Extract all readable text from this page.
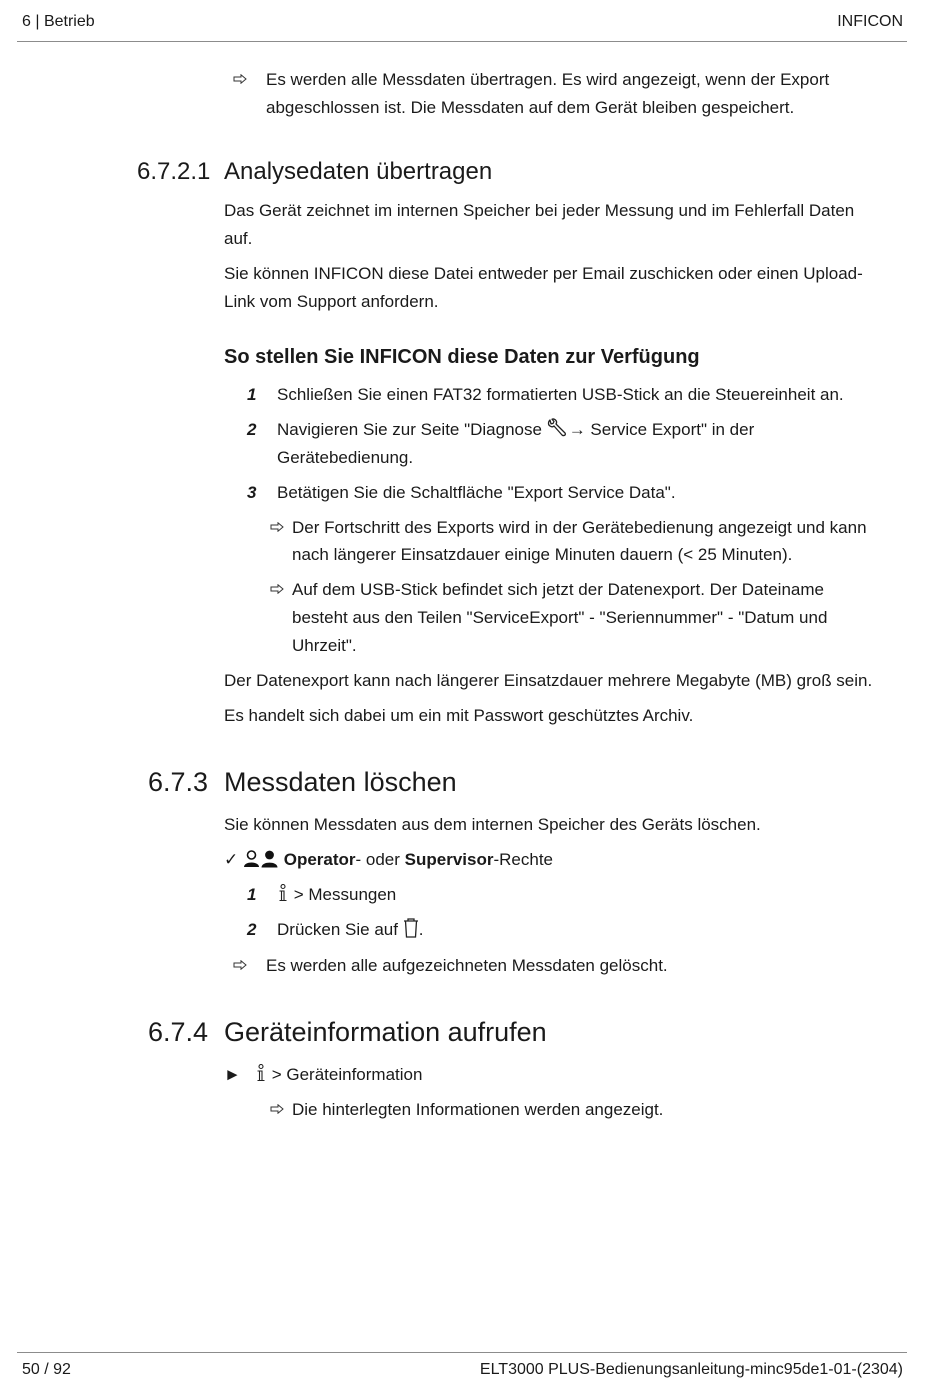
6 | Betrieb	INFICON
Es werden alle Messdaten übertragen. Es wird angezeigt, wenn der Export
abgeschlossen ist. Die Messdaten auf dem Gerät bleiben gespeichert.
6.7.2.1 Analysedaten übertragen
Das Gerät zeichnet im internen Speicher bei jeder Messung und im Fehlerfall Daten
auf.
Sie können INFICON diese Datei entweder per Email zuschicken oder einen Upload-
Link vom Support anfordern.
So stellen Sie INFICON diese Daten zur Verfügung
1 Schließen Sie einen FAT32 formatierten USB-Stick an die Steuereinheit an.
2 Navigieren Sie zur Seite "Diagnose → Service Export" in der
Gerätebedienung.
3 Betätigen Sie die Schaltfläche "Export Service Data".
Der Fortschritt des Exports wird in der Gerätebedienung angezeigt und kann
nach längerer Einsatzdauer einige Minuten dauern (< 25 Minuten).
Auf dem USB-Stick befindet sich jetzt der Datenexport. Der Dateiname
besteht aus den Teilen "ServiceExport" - "Seriennummer" - "Datum und
Uhrzeit".
Der Datenexport kann nach längerer Einsatzdauer mehrere Megabyte (MB) groß sein.
Es handelt sich dabei um ein mit Passwort geschütztes Archiv.
6.7.3 Messdaten löschen
Sie können Messdaten aus dem internen Speicher des Geräts löschen.
✓	Operator- oder Supervisor-Rechte
1	> Messungen
2 Drücken Sie auf .
Es werden alle aufgezeichneten Messdaten gelöscht.
6.7.4 Geräteinformation aufrufen
►	> Geräteinformation
Die hinterlegten Informationen werden angezeigt.
50 / 92	ELT3000 PLUS-Bedienungsanleitung-minc95de1-01-(2304)
